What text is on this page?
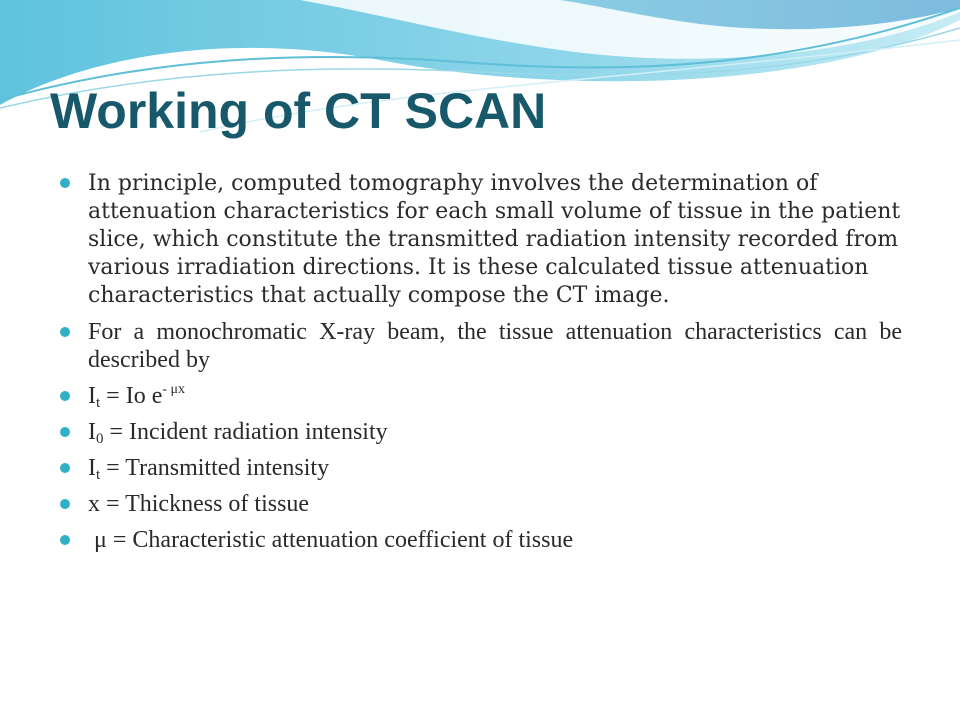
Working of CT SCAN
In principle, computed tomography involves the determination of attenuation characteristics for each small volume of tissue in the patient slice, which constitute the transmitted radiation intensity recorded from various irradiation directions. It is these calculated tissue attenuation characteristics that actually compose the CT image.
For a monochromatic X-ray beam, the tissue attenuation characteristics can be described by
$I_t = Io$ $e^{- \mu x}$
$I_0$ = Incident radiation intensity
$I_t$ = Transmitted intensity
x = Thickness of tissue
μ = Characteristic attenuation coefficient of tissue
